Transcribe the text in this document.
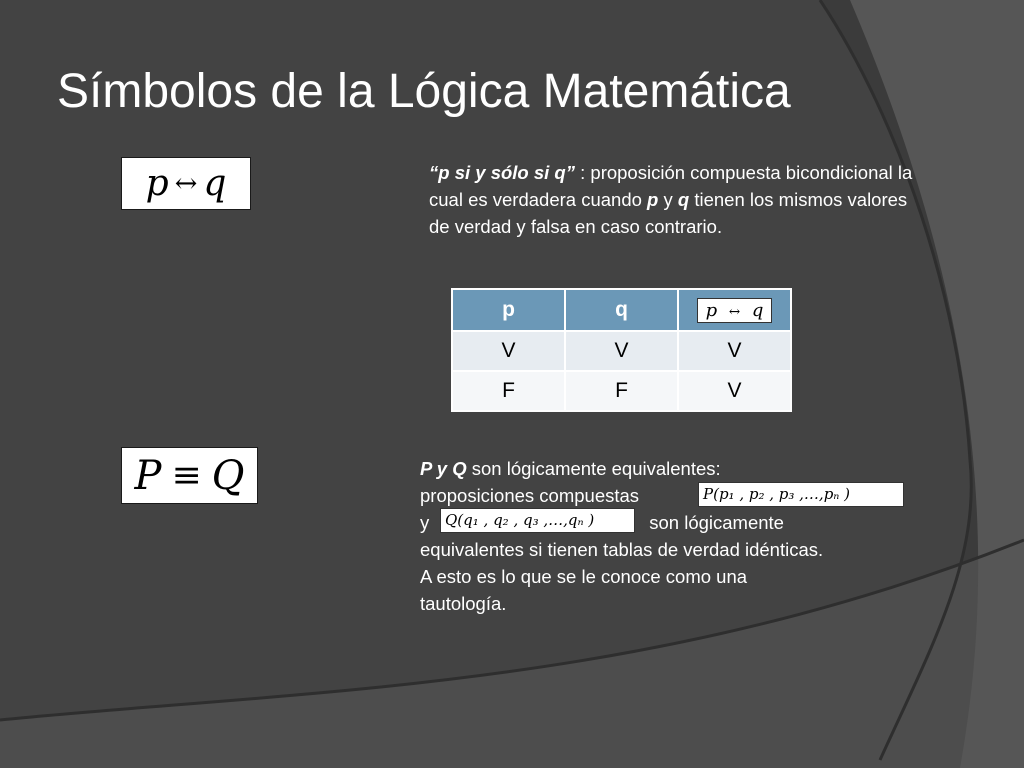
Símbolos de la Lógica Matemática
p ↔ q	“p si y sólo si q” : proposición compuesta bicondicional la cual es verdadera cuando p y q tienen los mismos valores de verdad y falsa en caso contrario.
p	q	p ↔ q
V	V	V
F	F	V
P ≡ Q	P y Q son lógicamente equivalentes:
proposiciones compuestas
y	son lógicamente
equivalentes si tienen tablas de verdad idénticas.
A esto es lo que se le conoce como una
tautología.
P(p₁ , p₂ , p₃ ,…,pₙ )
Q(q₁ , q₂ , q₃ ,…,qₙ )
